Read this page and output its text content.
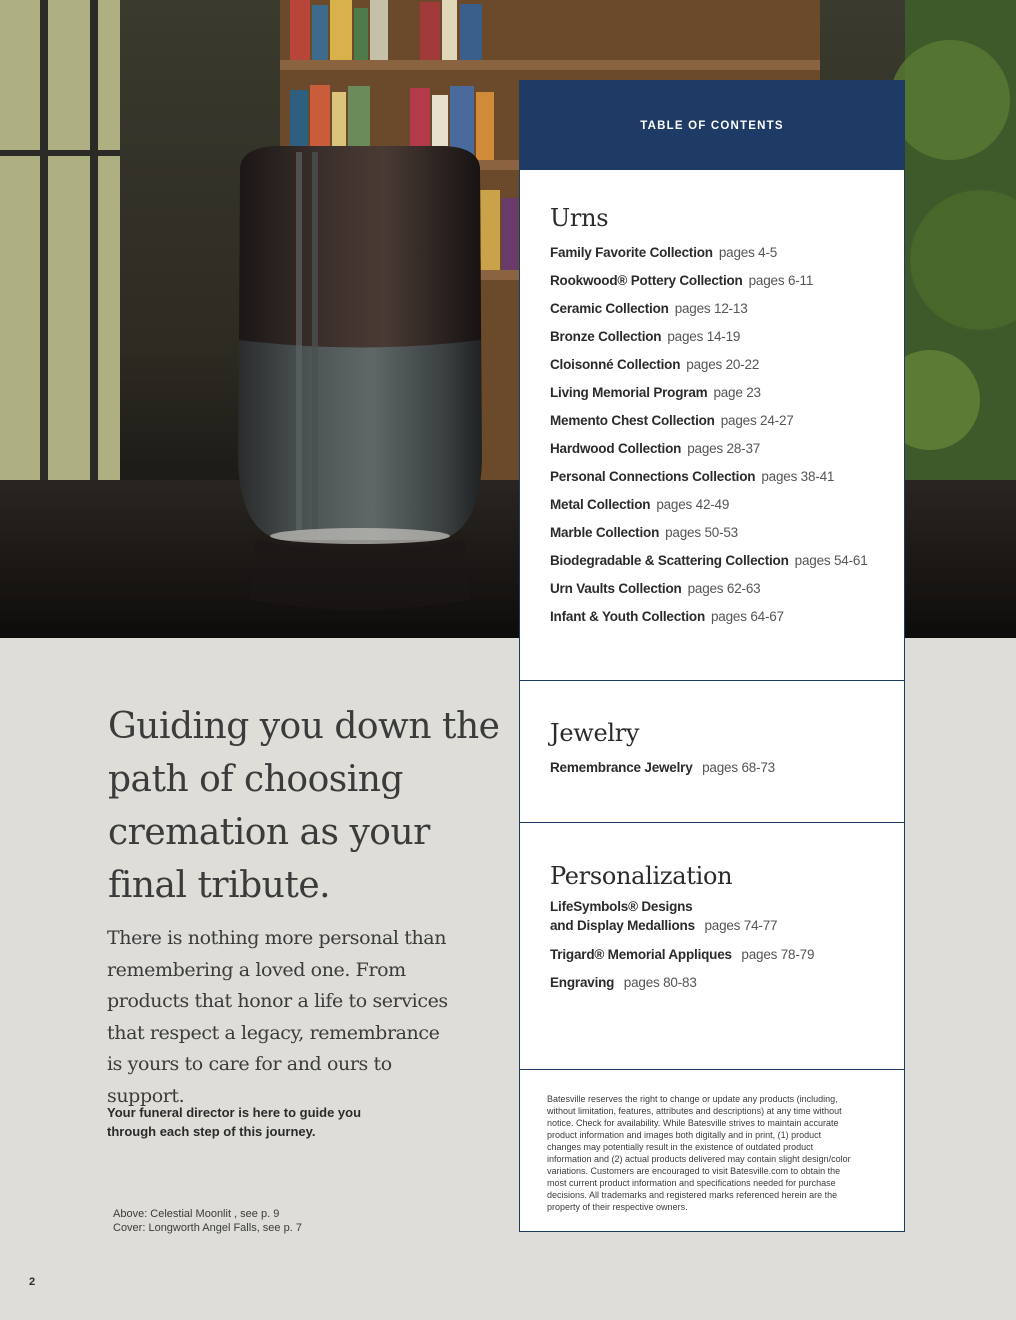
Guiding you down the path of choosing cremation as your final tribute.

There is nothing more personal than remembering a loved one. From products that honor a life to services that respect a legacy, remembrance is yours to care for and ours to support.

Your funeral director is here to guide you through each step of this journey.

Above: Celestial Moonlit , see p. 9
Cover: Longworth Angel Falls, see p. 7
2
TABLE OF CONTENTS
Urns
Family Favorite Collection pages 4-5
Rookwood® Pottery Collection pages 6-11
Ceramic Collection pages 12-13
Bronze Collection pages 14-19
Cloisonné Collection pages 20-22
Living Memorial Program page 23
Memento Chest Collection pages 24-27
Hardwood Collection pages 28-37
Personal Connections Collection pages 38-41
Metal Collection pages 42-49
Marble Collection pages 50-53
Biodegradable & Scattering Collection pages 54-61
Urn Vaults Collection pages 62-63
Infant & Youth Collection pages 64-67
Jewelry
Remembrance Jewelry pages 68-73
Personalization
LifeSymbols® Designs
and Display Medallions pages 74-77
Trigard® Memorial Appliques pages 78-79
Engraving pages 80-83

Batesville reserves the right to change or update any products (including, without limitation, features, attributes and descriptions) at any time without notice. Check for availability. While Batesville strives to maintain accurate product information and images both digitally and in print, (1) product changes may potentially result in the existence of outdated product information and (2) actual products delivered may contain slight design/color variations. Customers are encouraged to visit Batesville.com to obtain the most current product information and specifications needed for purchase decisions. All trademarks and registered marks referenced herein are the property of their respective owners.
